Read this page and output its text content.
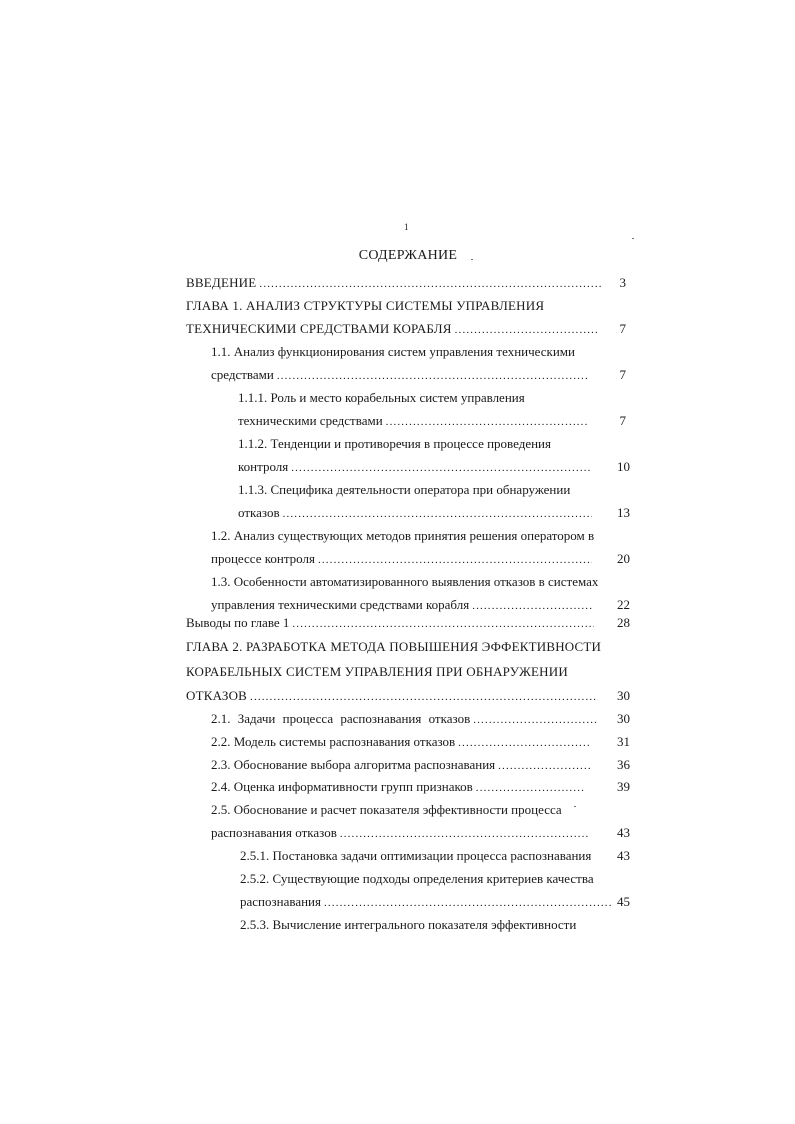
1
СОДЕРЖАНИЕ
ВВЕДЕНИЕ . . .	3
ГЛАВА 1. АНАЛИЗ СТРУКТУРЫ СИСТЕМЫ УПРАВЛЕНИЯ
ТЕХНИЧЕСКИМИ СРЕДСТВАМИ КОРАБЛЯ . . .	7
1.1. Анализ функционирования систем управления техническими
средствами . . .	7
1.1.1. Роль и место корабельных систем управления
техническими средствами . . .	7
1.1.2. Тенденции и противоречия в процессе проведения
контроля . . .	10
1.1.3. Специфика деятельности оператора при обнаружении
отказов . . .	13
1.2. Анализ существующих методов принятия решения оператором в
процессе контроля . . .	20
1.3. Особенности автоматизированного выявления отказов в системах
управления техническими средствами корабля . . .	22
Выводы по главе 1 . . .	28
ГЛАВА 2. РАЗРАБОТКА МЕТОДА ПОВЫШЕНИЯ ЭФФЕКТИВНОСТИ
КОРАБЕЛЬНЫХ СИСТЕМ УПРАВЛЕНИЯ ПРИ ОБНАРУЖЕНИИ
ОТКАЗОВ . . .	30
2.1. Задачи процесса распознавания отказов . . .	30
2.2. Модель системы распознавания отказов . . .	31
2.3. Обоснование выбора алгоритма распознавания . . .	36
2.4. Оценка информативности групп признаков . . .	39
2.5. Обоснование и расчет показателя эффективности процесса
распознавания отказов . . .	43
2.5.1. Постановка задачи оптимизации процесса распознавания	43
2.5.2. Существующие подходы определения критериев качества
распознавания . . .	45
2.5.3. Вычисление интегрального показателя эффективности
